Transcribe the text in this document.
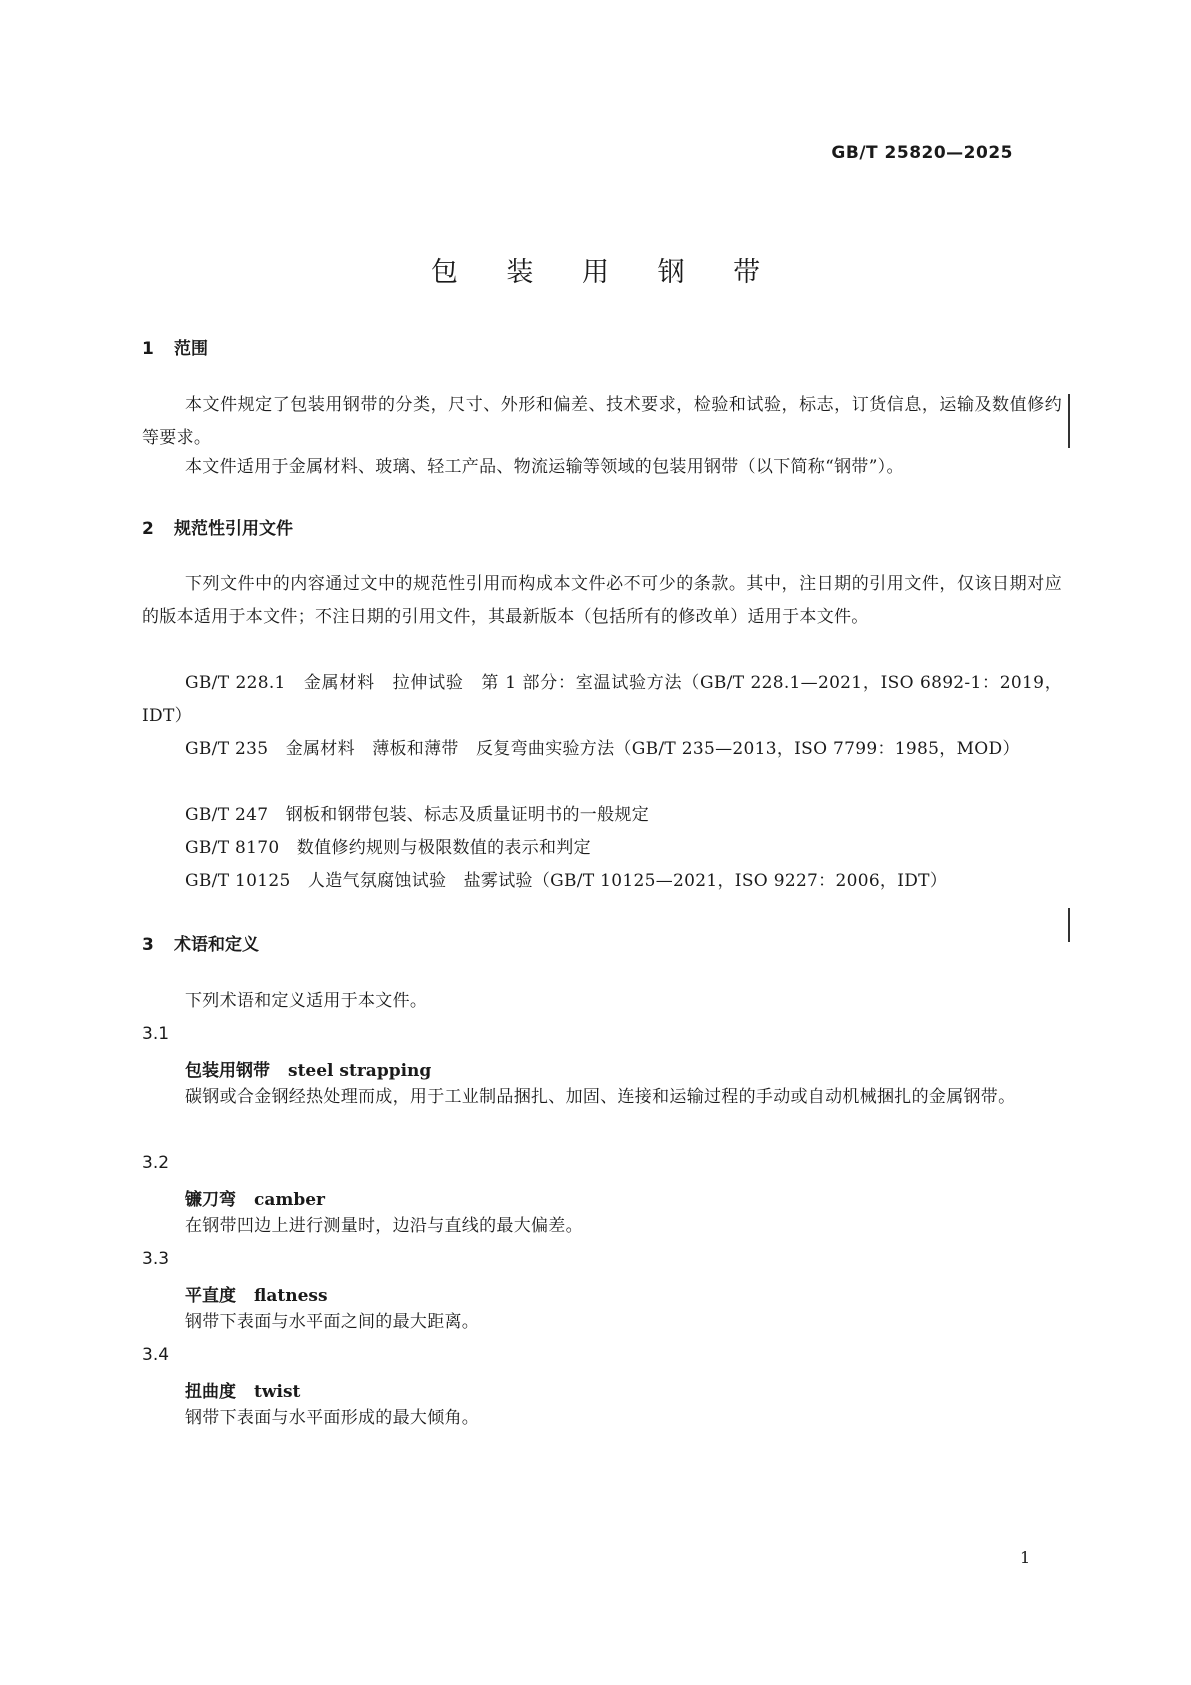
GB/T 25820—2025
包 装 用 钢 带
1 范围
本文件规定了包装用钢带的分类，尺寸、外形和偏差、技术要求，检验和试验，标志，订货信息，运输及数值修约等要求。
本文件适用于金属材料、玻璃、轻工产品、物流运输等领域的包装用钢带（以下简称“钢带”）。
2 规范性引用文件
下列文件中的内容通过文中的规范性引用而构成本文件必不可少的条款。其中，注日期的引用文件，仅该日期对应的版本适用于本文件；不注日期的引用文件，其最新版本（包括所有的修改单）适用于本文件。
GB/T 228.1　金属材料　拉伸试验　第 1 部分：室温试验方法（GB/T 228.1—2021，ISO 6892-1：2019，IDT）
GB/T 235　金属材料　薄板和薄带　反复弯曲实验方法（GB/T 235—2013，ISO 7799：1985，MOD）
GB/T 247　钢板和钢带包装、标志及质量证明书的一般规定
GB/T 8170　数值修约规则与极限数值的表示和判定
GB/T 10125　人造气氛腐蚀试验　盐雾试验（GB/T 10125—2021，ISO 9227：2006，IDT）
3 术语和定义
下列术语和定义适用于本文件。
3.1
包装用钢带 steel strapping
碳钢或合金钢经热处理而成，用于工业制品捆扎、加固、连接和运输过程的手动或自动机械捆扎的金属钢带。
3.2
镰刀弯 camber
在钢带凹边上进行测量时，边沿与直线的最大偏差。
3.3
平直度 flatness
钢带下表面与水平面之间的最大距离。
3.4
扭曲度 twist
钢带下表面与水平面形成的最大倾角。
1
